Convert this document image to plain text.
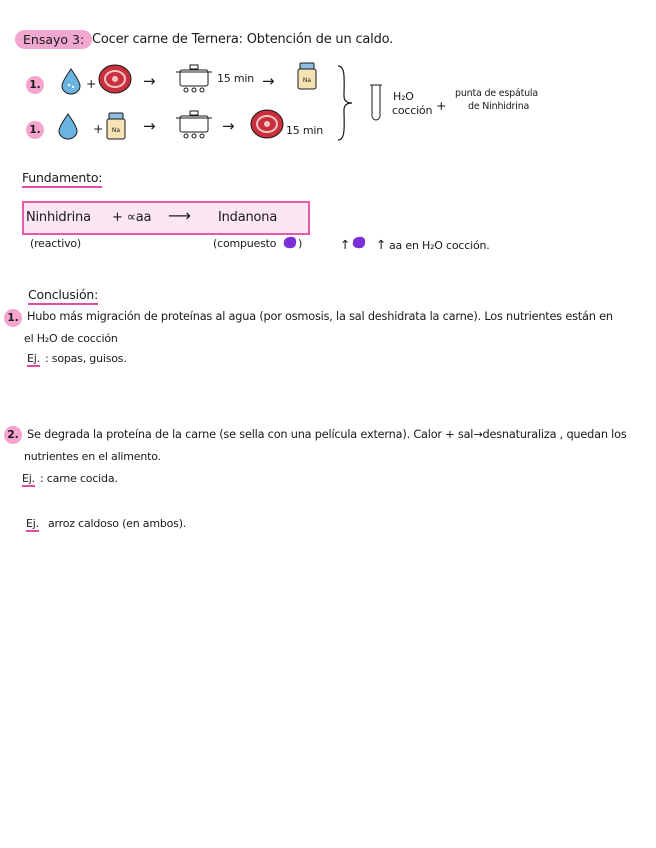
Ensayo 3: Cocer carne de Ternera: Obtención de un caldo.
1.	+	→	15 min →	Na
1.	+ Na →	→	15 min
H₂O
cocción +
punta de espátula
de Ninhidrina
Fundamento:
Ninhidrina + ∝aa ⟶ Indanona
(reactivo)	(compuesto )	↑ ↑ aa en H₂O cocción.
Conclusión:
1. Hubo más migración de proteínas al agua (por osmosis, la sal deshidrata la carne). Los nutrientes están en
el H₂O de cocción
Ej. : sopas, guisos.
2. Se degrada la proteína de la carne (se sella con una película externa). Calor + sal→desnaturaliza , quedan los
nutrientes en el alimento.
Ej. : carne cocida.
Ej. arroz caldoso (en ambos).
